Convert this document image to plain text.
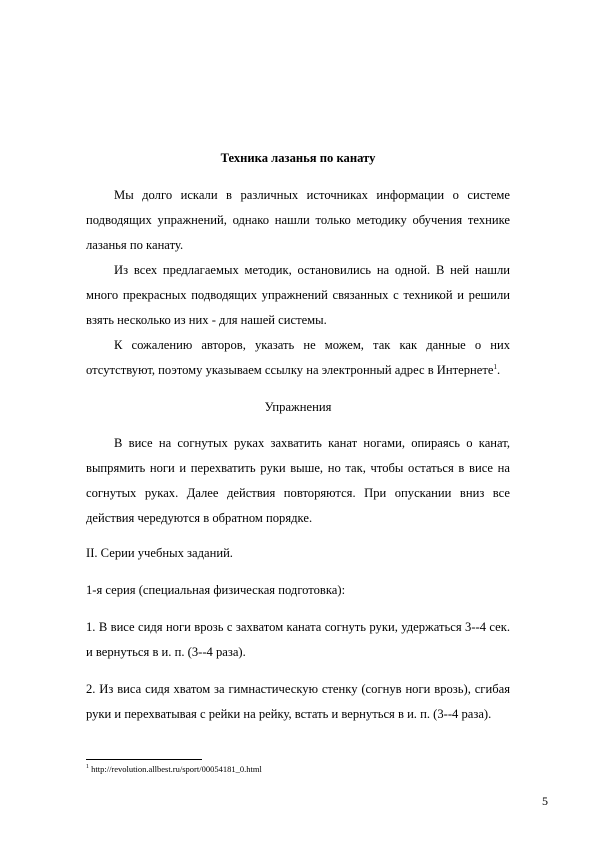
Техника лазанья по канату

Мы долго искали в различных источниках информации о системе подводящих упражнений, однако нашли только методику обучения технике лазанья по канату.

Из всех предлагаемых методик, остановились на одной. В ней нашли много прекрасных подводящих упражнений связанных с техникой и решили взять несколько из них - для нашей системы.

К сожалению авторов, указать не можем, так как данные о них отсутствуют, поэтому указываем ссылку на электронный адрес в Интернете$^1$.

Упражнения

В висе на согнутых руках захватить канат ногами, опираясь о канат, выпрямить ноги и перехватить руки выше, но так, чтобы остаться в висе на согнутых руках. Далее действия повторяются. При опускании вниз все действия чередуются в обратном порядке.

II. Серии учебных заданий.

1-я серия (специальная физическая подготовка):

1. В висе сидя ноги врозь с захватом каната согнуть руки, удержаться 3--4 сек. и вернуться в и. п. (3--4 раза).

2. Из виса сидя хватом за гимнастическую стенку (согнув ноги врозь), сгибая руки и перехватывая с рейки на рейку, встать и вернуться в и. п. (3--4 раза).

$^1$ http://revolution.allbest.ru/sport/00054181_0.html
5
